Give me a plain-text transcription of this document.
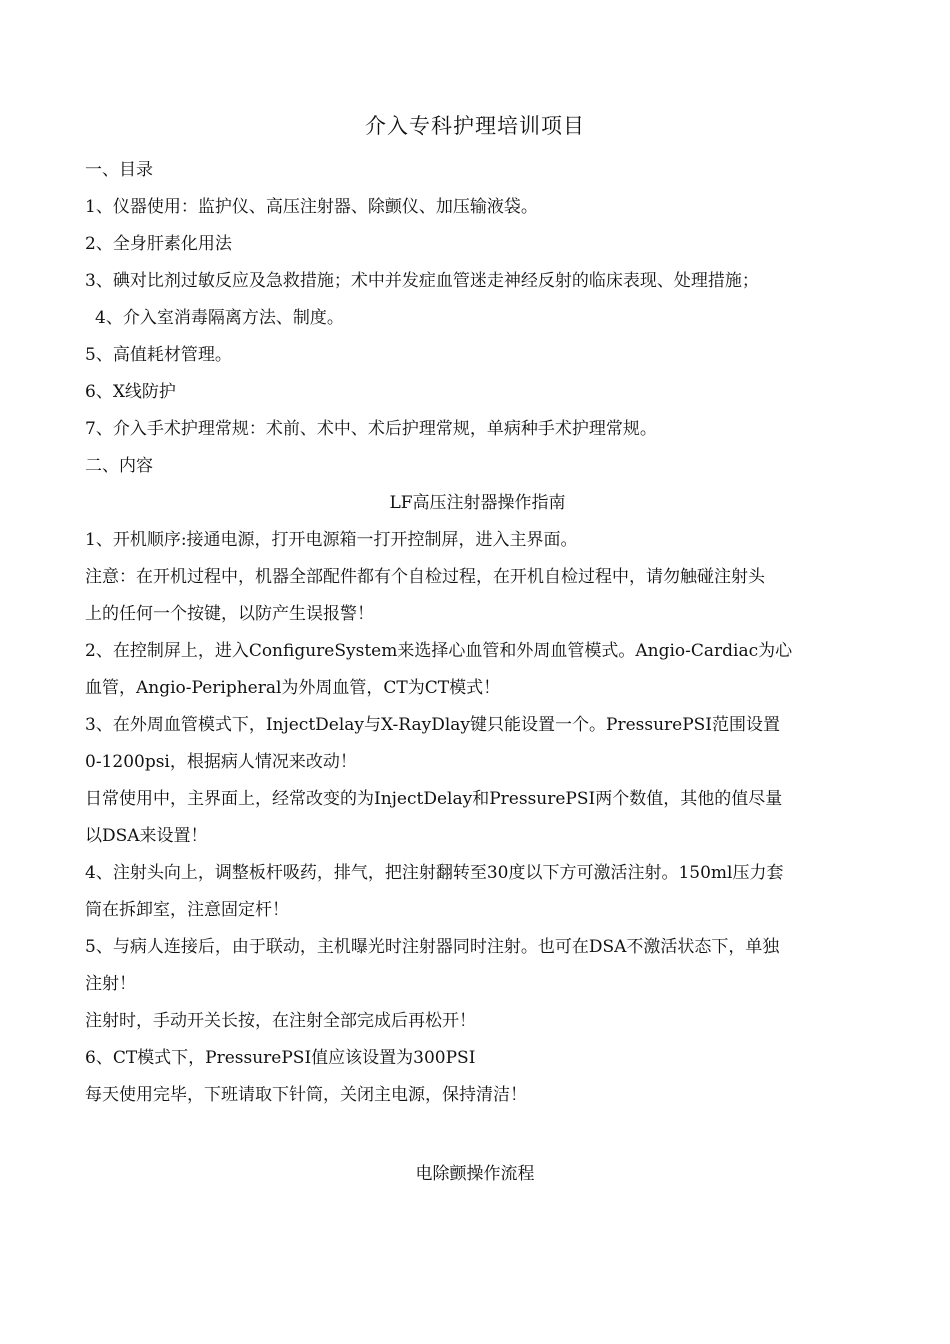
介入专科护理培训项目
一、目录
1、仪器使用：监护仪、高压注射器、除颤仪、加压输液袋。
2、全身肝素化用法
3、碘对比剂过敏反应及急救措施；术中并发症血管迷走神经反射的临床表现、处理措施；
4、介入室消毒隔离方法、制度。
5、高值耗材管理。
6、X线防护
7、介入手术护理常规：术前、术中、术后护理常规，单病种手术护理常规。
二、内容
LF高压注射器操作指南
1、开机顺序:接通电源，打开电源箱一打开控制屏，进入主界面。
注意：在开机过程中，机器全部配件都有个自检过程，在开机自检过程中，请勿触碰注射头
上的任何一个按键，以防产生误报警！
2、在控制屏上，进入ConfigureSystem来选择心血管和外周血管模式。Angio-Cardiac为心
血管，Angio-Peripheral为外周血管，CT为CT模式！
3、在外周血管模式下，InjectDelay与X-RayDlay键只能设置一个。PressurePSI范围设置
0-1200psi，根据病人情况来改动！
日常使用中，主界面上，经常改变的为InjectDelay和PressurePSI两个数值，其他的值尽量
以DSA来设置！
4、注射头向上，调整板杆吸药，排气，把注射翻转至30度以下方可激活注射。150ml压力套
筒在拆卸室，注意固定杆！
5、与病人连接后，由于联动，主机曝光时注射器同时注射。也可在DSA不激活状态下，单独
注射！
注射时，手动开关长按，在注射全部完成后再松开！
6、CT模式下，PressurePSI值应该设置为300PSI
每天使用完毕，下班请取下针筒，关闭主电源，保持清洁！
电除颤操作流程
